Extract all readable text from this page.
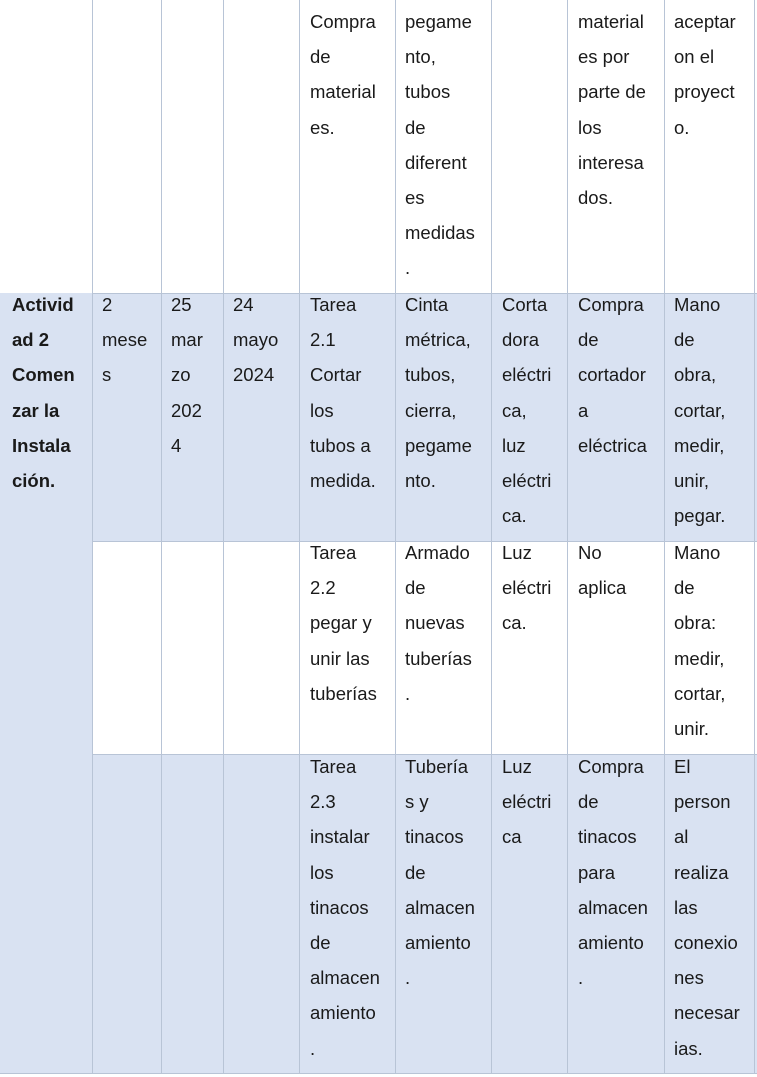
Compra
de
material
es.
pegame
nto,
tubos
de
diferent
es
medidas
.
material
es por
parte de
los
interesa
dos.
aceptar
on el
proyect
o.
Activid
ad 2
Comen
zar la
Instala
ción.
2
mese
s
25
mar
zo
202
4
24
mayo
2024
Tarea
2.1
Cortar
los
tubos a
medida.
Cinta
métrica,
tubos,
cierra,
pegame
nto.
Corta
dora
eléctri
ca,
luz
eléctri
ca.
Compra
de
cortador
a
eléctrica
Mano
de
obra,
cortar,
medir,
unir,
pegar.
Tarea
2.2
pegar y
unir las
tuberías
Armado
de
nuevas
tuberías
.
Luz
eléctri
ca.
No
aplica
Mano
de
obra:
medir,
cortar,
unir.
Tarea
2.3
instalar
los
tinacos
de
almacen
amiento
.
Tubería
s y
tinacos
de
almacen
amiento
.
Luz
eléctri
ca
Compra
de
tinacos
para
almacen
amiento
.
El
person
al
realiza
las
conexio
nes
necesar
ias.
